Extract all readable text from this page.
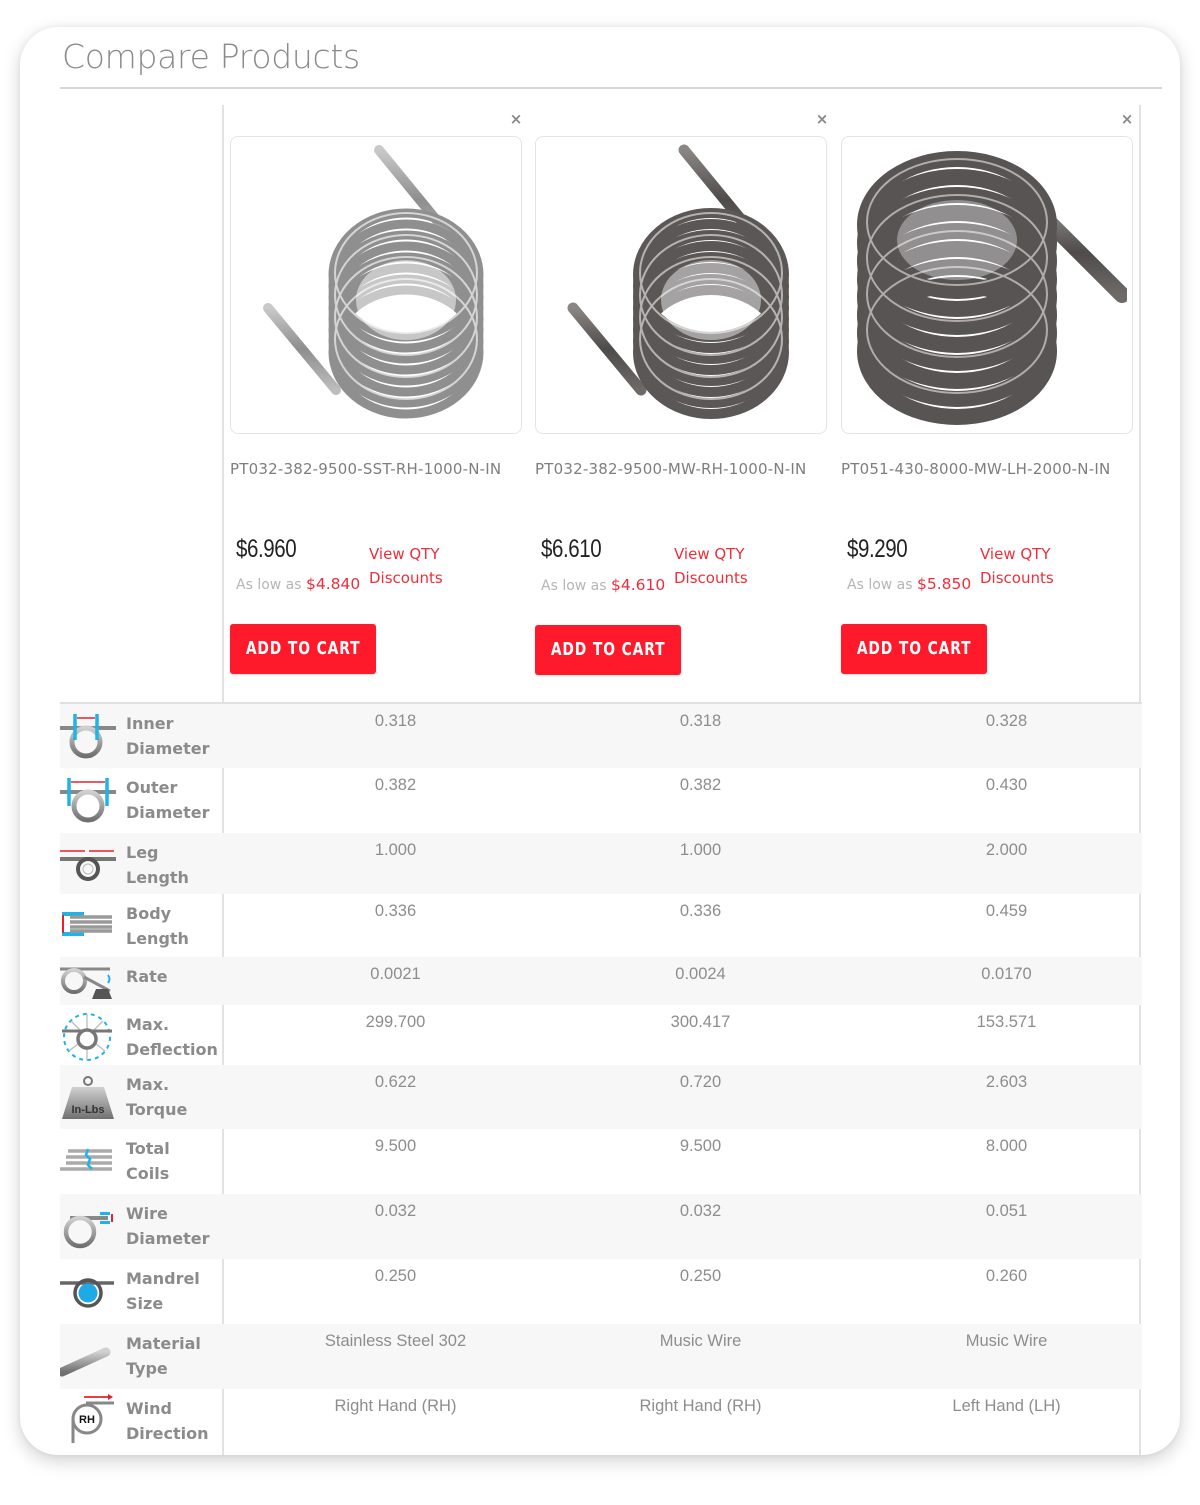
Compare Products
×
PT032-382-9500-SST-RH-1000-N-IN
$6.960
As low as $4.840
View QTY
Discounts
ADD TO CART
×
PT032-382-9500-MW-RH-1000-N-IN
$6.610
As low as $4.610
View QTY
Discounts
ADD TO CART
×
PT051-430-8000-MW-LH-2000-N-IN
$9.290
As low as $5.850
View QTY
Discounts
ADD TO CART
Inner
Diameter
0.318	0.318	0.328
Outer
Diameter
0.382	0.382	0.430
Leg
Length
1.000	1.000	2.000
Body
Length
0.336	0.336	0.459
Rate	0.0021	0.0024	0.0170
Max.
Deflection
299.700	300.417	153.571
In-Lbs
Max.
Torque
0.622	0.720	2.603
Total
Coils
9.500	9.500	8.000
Wire
Diameter
0.032	0.032	0.051
Mandrel
Size
0.250	0.250	0.260
Material
Type
Stainless Steel 302	Music Wire	Music Wire
RH
Wind
Direction
Right Hand (RH)	Right Hand (RH)	Left Hand (LH)
